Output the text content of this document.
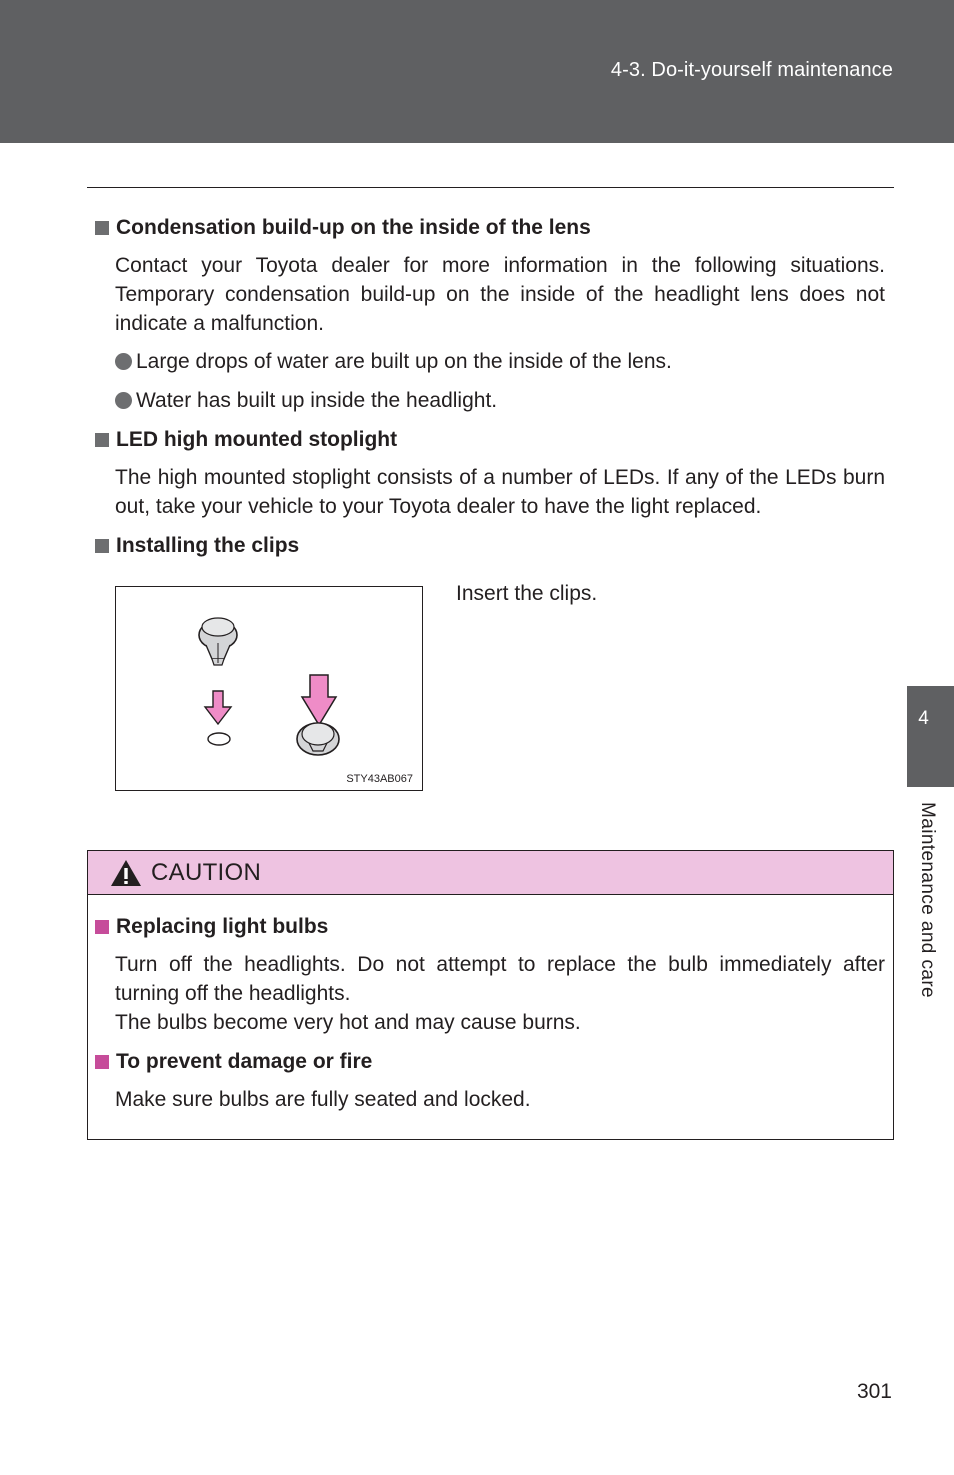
4-3. Do-it-yourself maintenance
Condensation build-up on the inside of the lens
Contact your Toyota dealer for more information in the following situations. Temporary condensation build-up on the inside of the headlight lens does not indicate a malfunction.
Large drops of water are built up on the inside of the lens.
Water has built up inside the headlight.
LED high mounted stoplight
The high mounted stoplight consists of a number of LEDs. If any of the LEDs burn out, take your vehicle to your Toyota dealer to have the light replaced.
Installing the clips
STY43AB067
Insert the clips.
CAUTION
Replacing light bulbs
Turn off the headlights. Do not attempt to replace the bulb immediately after turning off the headlights.
The bulbs become very hot and may cause burns.
To prevent damage or fire
Make sure bulbs are fully seated and locked.
4
Maintenance and care
301
